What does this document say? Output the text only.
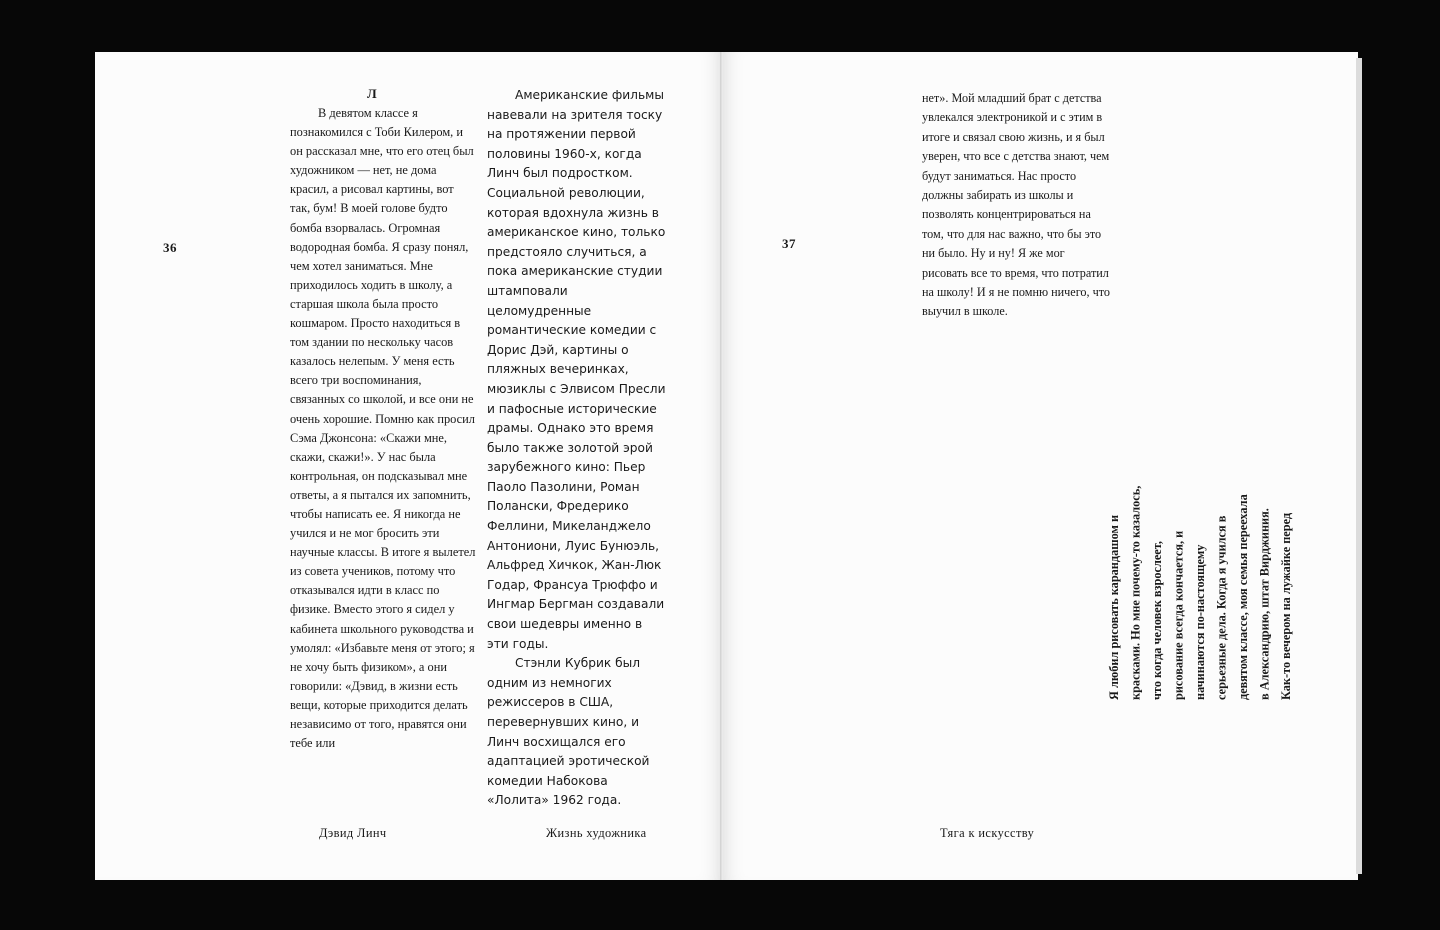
36
Л

В девятом классе я познакомился с Тоби Килером, и он рассказал мне, что его отец был художником — нет, не дома красил, а рисовал картины, вот так, бум! В моей голове будто бомба взорвалась. Огромная водородная бомба. Я сразу понял, чем хотел заниматься. Мне приходилось ходить в школу, а старшая школа была просто кошмаром. Просто находиться в том здании по нескольку часов казалось нелепым. У меня есть всего три воспоминания, связанных со школой, и все они не очень хорошие. Помню как просил Сэма Джонсона: «Скажи мне, скажи, скажи!». У нас была контрольная, он подсказывал мне ответы, а я пытался их запомнить, чтобы написать ее. Я никогда не учился и не мог бросить эти научные классы. В итоге я вылетел из совета учеников, потому что отказывался идти в класс по физике. Вместо этого я сидел у кабинета школьного руководства и умолял: «Избавьте меня от этого; я не хочу быть физиком», а они говорили: «Дэвид, в жизни есть вещи, которые приходится делать независимо от того, нравятся они тебе или

Американские фильмы навевали на зрителя тоску на протяжении первой половины 1960-х, когда Линч был подростком. Социальной революции, которая вдохнула жизнь в американское кино, только предстояло случиться, а пока американские студии штамповали целомудренные романтические комедии с Дорис Дэй, картины о пляжных вечеринках, мюзиклы с Элвисом Пресли и пафосные исторические драмы. Однако это время было также золотой эрой зарубежного кино: Пьер Паоло Пазолини, Роман Полански, Фредерико Феллини, Микеланджело Антониони, Луис Бунюэль, Альфред Хичкок, Жан-Люк Годар, Франсуа Трюффо и Ингмар Бергман создавали свои шедевры именно в эти годы.

Стэнли Кубрик был одним из немногих режиссеров в США, перевернувших кино, и Линч восхищался его адаптацией эротической комедии Набокова «Лолита» 1962 года.

Дэвид Линч	Жизнь художника
37

нет». Мой младший брат с детства увлекался электроникой и с этим в итоге и связал свою жизнь, и я был уверен, что все с детства знают, чем будут заниматься. Нас просто должны забирать из школы и позволять концентрироваться на том, что для нас важно, что бы это ни было. Ну и ну! Я же мог рисовать все то время, что потратил на школу! И я не помню ничего, что выучил в школе.

Я любил рисовать карандашом и красками. Но мне почему-то казалось, что когда человек взрослеет, рисование всегда кончается, и начинаются по-настоящему серьезные дела. Когда я учился в девятом классе, моя семья переехала в Александрию, штат Вирджиния. Как-то вечером на лужайке перед

Тяга к искусству
